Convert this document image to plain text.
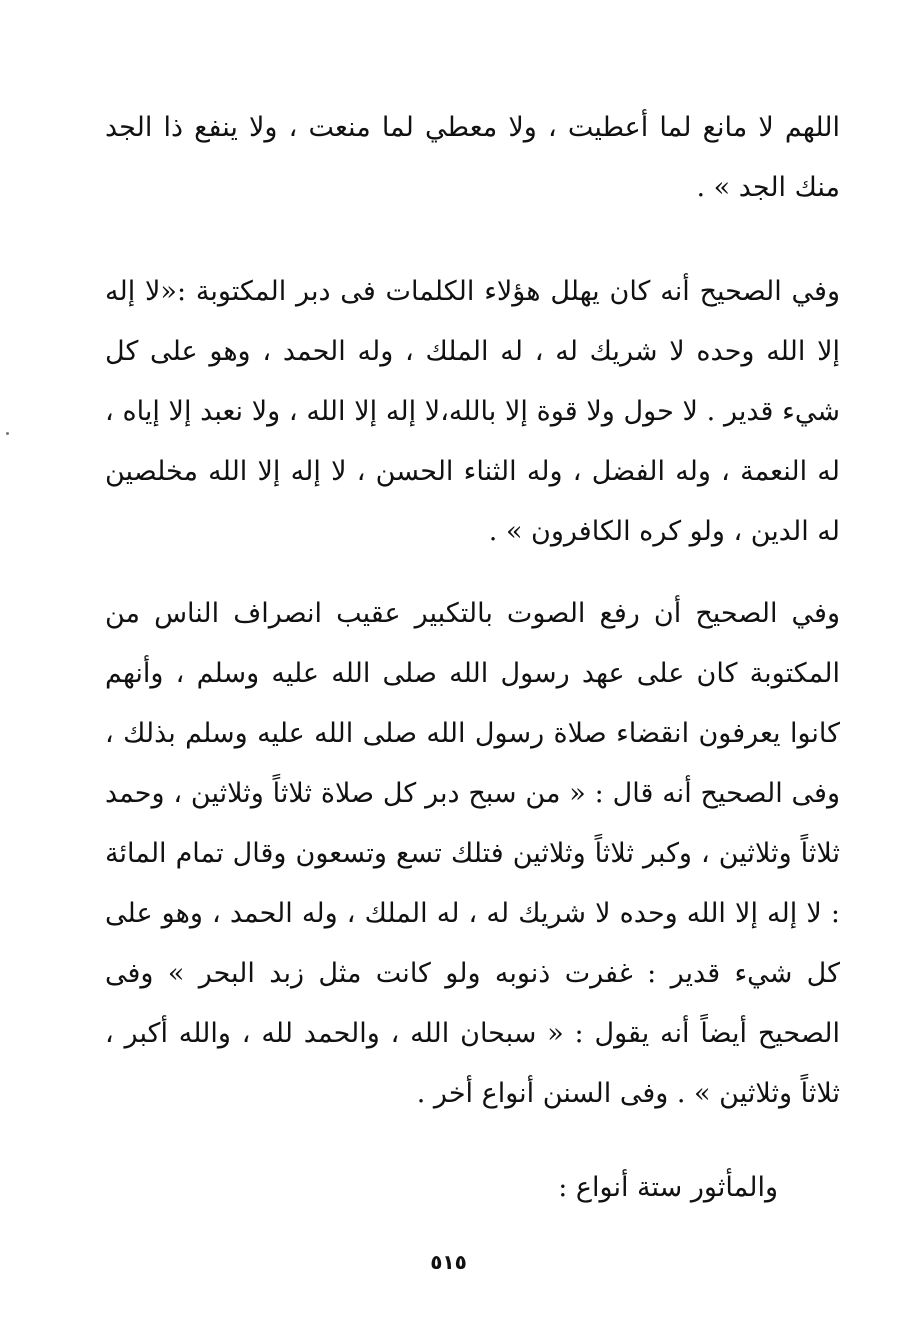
اللهم لا مانع لما أعطيت ، ولا معطي لما منعت ، ولا ينفع ذا الجد منك الجد » .

وفي الصحيح أنه كان يهلل هؤلاء الكلمات فى دبر المكتوبة :«لا إله إلا الله وحده لا شريك له ، له الملك ، وله الحمد ، وهو على كل شيء قدير . لا حول ولا قوة إلا بالله،لا إله إلا الله ، ولا نعبد إلا إياه ، له النعمة ، وله الفضل ، وله الثناء الحسن ، لا إله إلا الله مخلصين له الدين ، ولو كره الكافرون » .

وفي الصحيح أن رفع الصوت بالتكبير عقيب انصراف الناس من المكتوبة كان على عهد رسول الله صلى الله عليه وسلم ، وأنهم كانوا يعرفون انقضاء صلاة رسول الله صلى الله عليه وسلم بذلك ، وفى الصحيح أنه قال : « من سبح دبر كل صلاة ثلاثاً وثلاثين ، وحمد ثلاثاً وثلاثين ، وكبر ثلاثاً وثلاثين فتلك تسع وتسعون وقال تمام المائة : لا إله إلا الله وحده لا شريك له ، له الملك ، وله الحمد ، وهو على كل شيء قدير : غفرت ذنوبه ولو كانت مثل زبد البحر » وفى الصحيح أيضاً أنه يقول : « سبحان الله ، والحمد لله ، والله أكبر ، ثلاثاً وثلاثين » . وفى السنن أنواع أخر .

والمأثور ستة أنواع :

٥١٥
